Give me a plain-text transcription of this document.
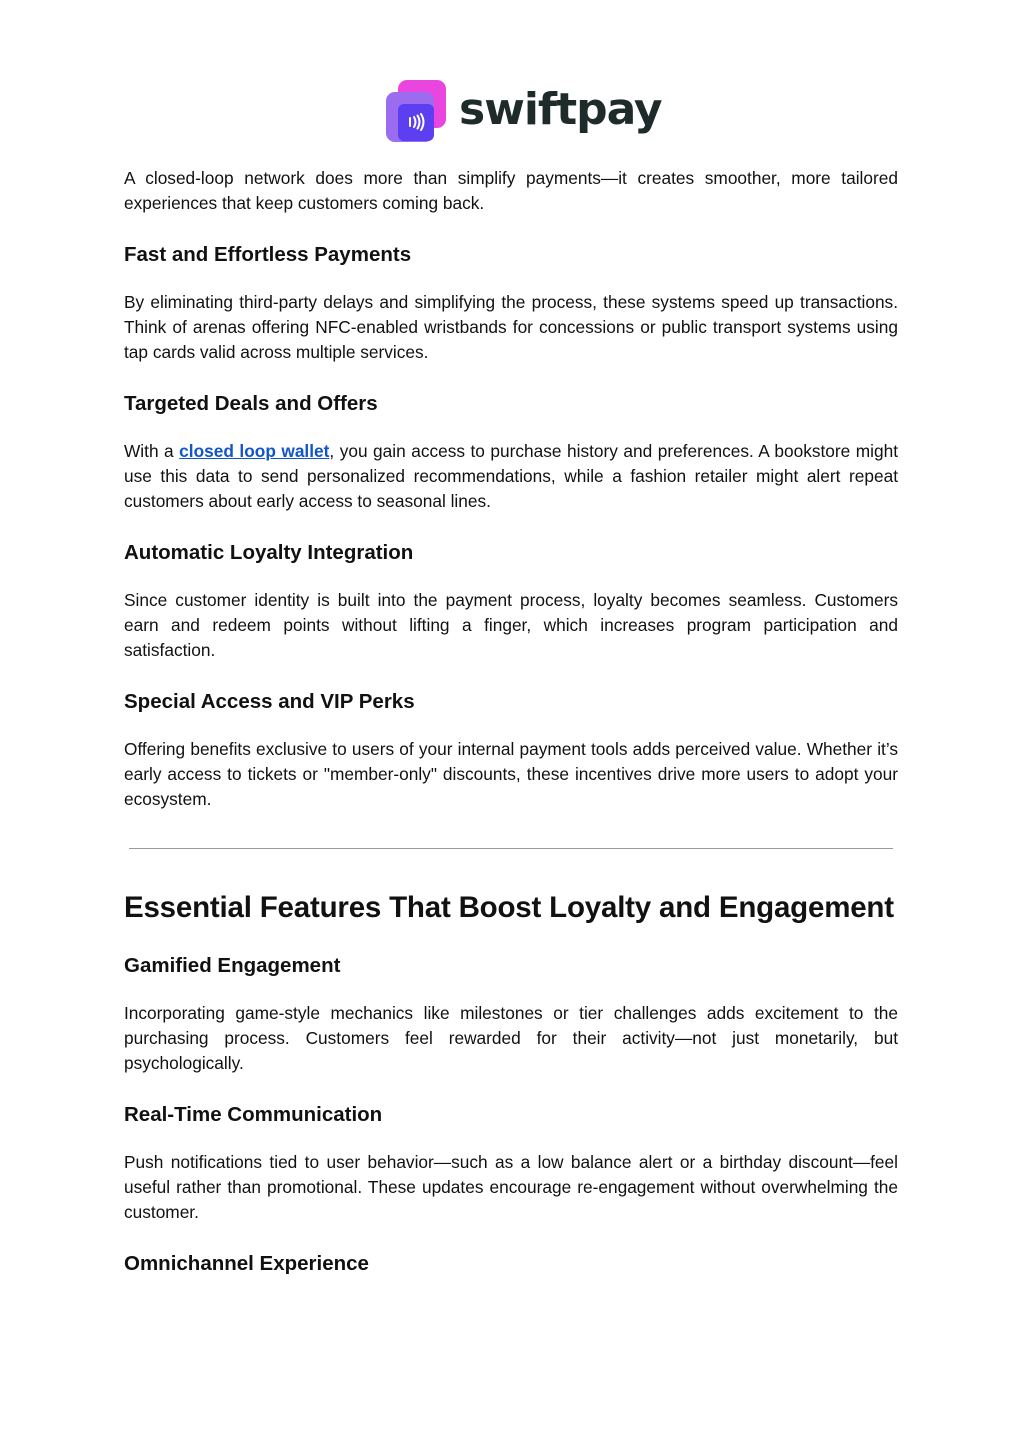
swiftpay

A closed-loop network does more than simplify payments—it creates smoother, more tailored experiences that keep customers coming back.

Fast and Effortless Payments

By eliminating third-party delays and simplifying the process, these systems speed up transactions. Think of arenas offering NFC-enabled wristbands for concessions or public transport systems using tap cards valid across multiple services.

Targeted Deals and Offers

With a closed loop wallet, you gain access to purchase history and preferences. A bookstore might use this data to send personalized recommendations, while a fashion retailer might alert repeat customers about early access to seasonal lines.

Automatic Loyalty Integration

Since customer identity is built into the payment process, loyalty becomes seamless. Customers earn and redeem points without lifting a finger, which increases program participation and satisfaction.

Special Access and VIP Perks

Offering benefits exclusive to users of your internal payment tools adds perceived value. Whether it’s early access to tickets or "member-only" discounts, these incentives drive more users to adopt your ecosystem.

Essential Features That Boost Loyalty and Engagement
Gamified Engagement

Incorporating game-style mechanics like milestones or tier challenges adds excitement to the purchasing process. Customers feel rewarded for their activity—not just monetarily, but psychologically.

Real-Time Communication

Push notifications tied to user behavior—such as a low balance alert or a birthday discount—feel useful rather than promotional. These updates encourage re-engagement without overwhelming the customer.

Omnichannel Experience
